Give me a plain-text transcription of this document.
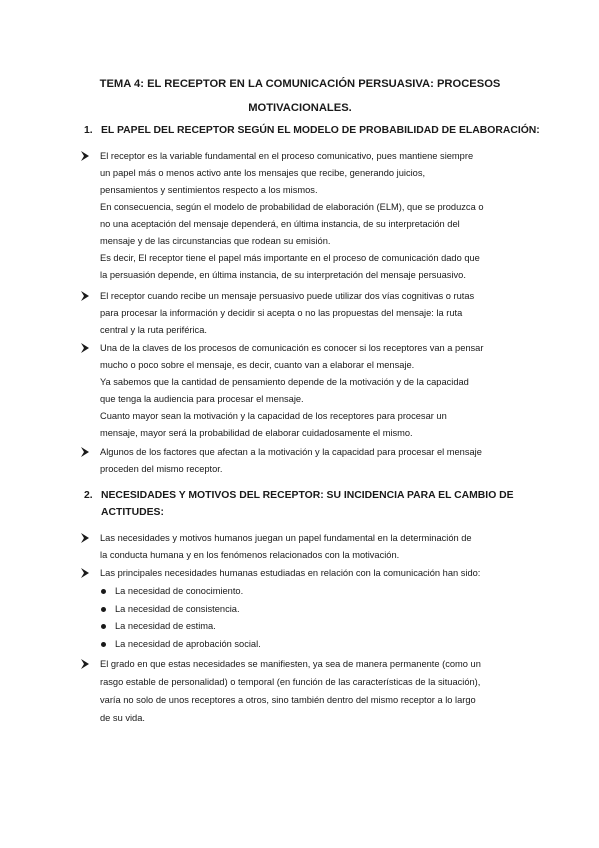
TEMA 4: EL RECEPTOR EN LA COMUNICACIÓN PERSUASIVA: PROCESOS
MOTIVACIONALES.
1. EL PAPEL DEL RECEPTOR SEGÚN EL MODELO DE PROBABILIDAD DE ELABORACIÓN:
El receptor es la variable fundamental en el proceso comunicativo, pues mantiene siempre
un papel más o menos activo ante los mensajes que recibe, generando juicios,
pensamientos y sentimientos respecto a los mismos.
En consecuencia, según el modelo de probabilidad de elaboración (ELM), que se produzca o
no una aceptación del mensaje dependerá, en última instancia, de su interpretación del
mensaje y de las circunstancias que rodean su emisión.
Es decir, El receptor tiene el papel más importante en el proceso de comunicación dado que
la persuasión depende, en última instancia, de su interpretación del mensaje persuasivo.
El receptor cuando recibe un mensaje persuasivo puede utilizar dos vías cognitivas o rutas
para procesar la información y decidir si acepta o no las propuestas del mensaje: la ruta
central y la ruta periférica.
Una de la claves de los procesos de comunicación es conocer si los receptores van a pensar
mucho o poco sobre el mensaje, es decir, cuanto van a elaborar el mensaje.
Ya sabemos que la cantidad de pensamiento depende de la motivación y de la capacidad
que tenga la audiencia para procesar el mensaje.
Cuanto mayor sean la motivación y la capacidad de los receptores para procesar un
mensaje, mayor será la probabilidad de elaborar cuidadosamente el mismo.
Algunos de los factores que afectan a la motivación y la capacidad para procesar el mensaje
proceden del mismo receptor.
2. NECESIDADES Y MOTIVOS DEL RECEPTOR: SU INCIDENCIA PARA EL CAMBIO DE
ACTITUDES:
Las necesidades y motivos humanos juegan un papel fundamental en la determinación de
la conducta humana y en los fenómenos relacionados con la motivación.
Las principales necesidades humanas estudiadas en relación con la comunicación han sido:
La necesidad de conocimiento.
La necesidad de consistencia.
La necesidad de estima.
La necesidad de aprobación social.
El grado en que estas necesidades se manifiesten, ya sea de manera permanente (como un
rasgo estable de personalidad) o temporal (en función de las características de la situación),
varía no solo de unos receptores a otros, sino también dentro del mismo receptor a lo largo
de su vida.
